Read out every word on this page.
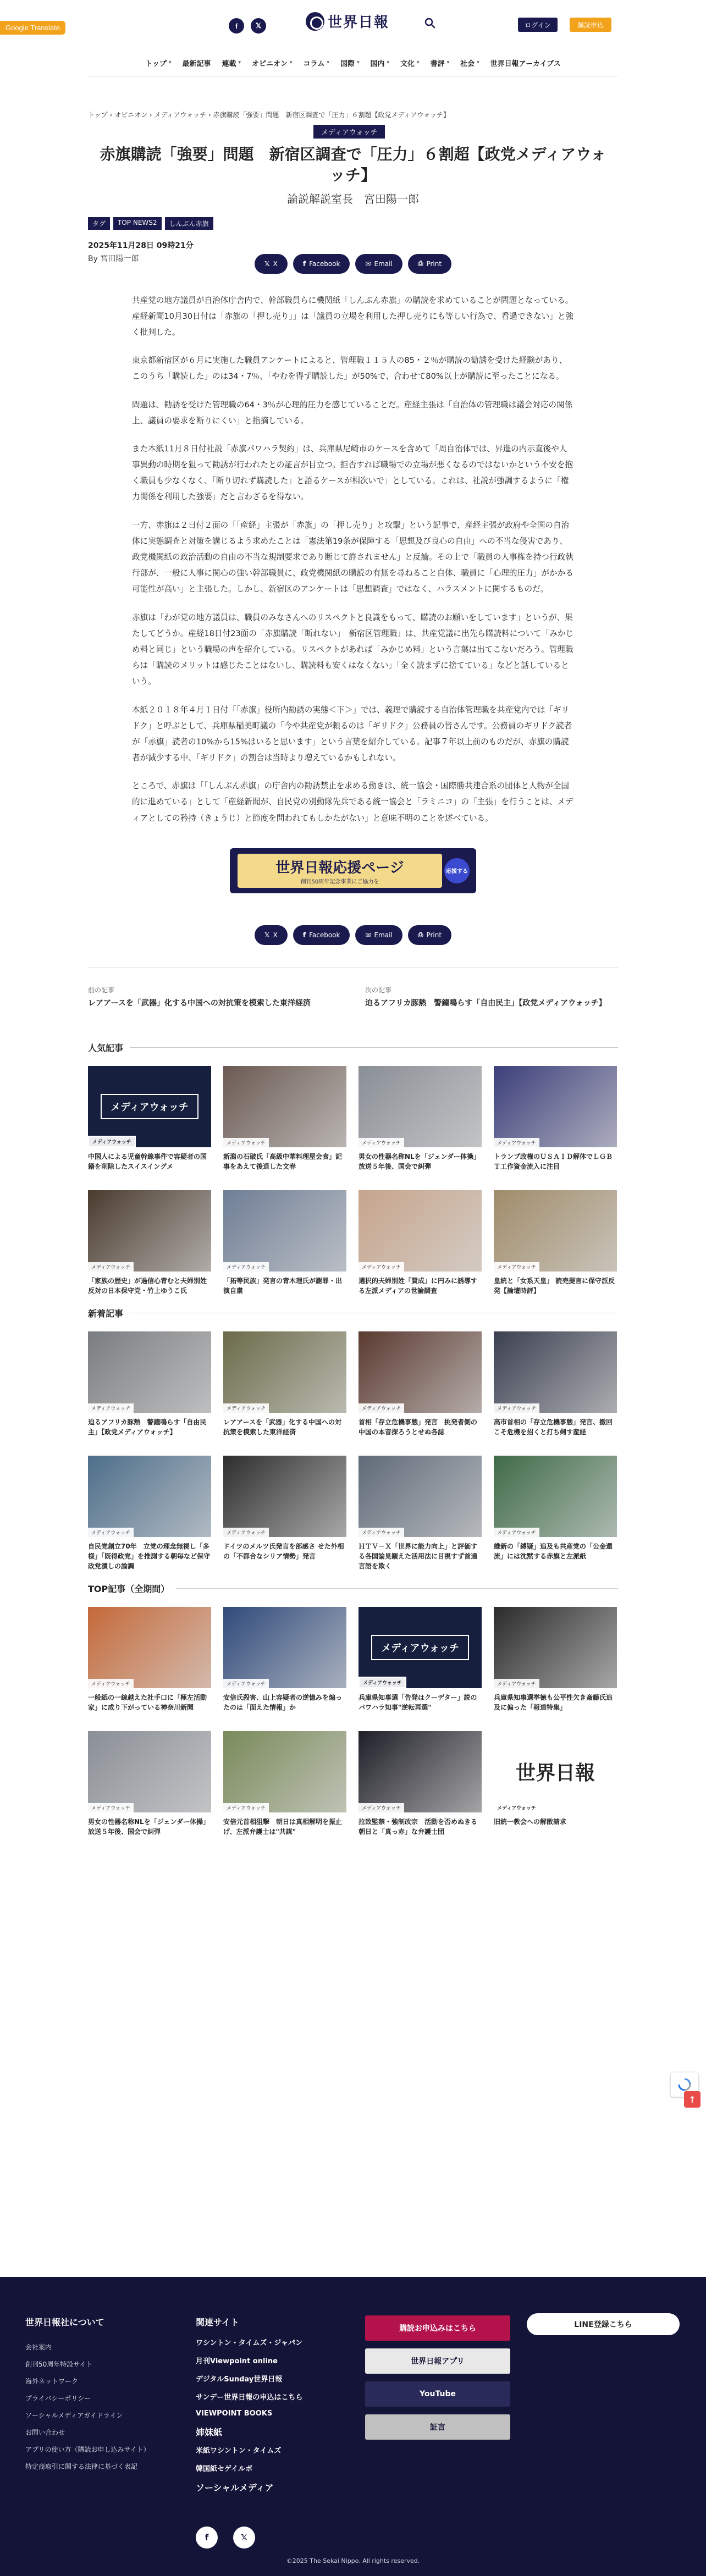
Google Translate	f	𝕏	世界日報	ログイン	購読申込
トップ ▾ 最新記事 連載 ▾ オピニオン ▾ コラム ▾ 国際 ▾ 国内 ▾ 文化 ▾ 書評 ▾ 社会 ▾ 世界日報アーカイブス
トップ › オピニオン › メディアウォッチ › 赤旗購読「強要」問題　新宿区調査で「圧力」６割超【政党メディアウォッチ】
メディアウォッチ
赤旗購読「強要」問題　新宿区調査で「圧力」６割超【政党メディアウォッチ】
論説解説室長　宮田陽一郎
タグ	TOP NEWS2	しんぶん赤旗
2025年11月28日 09時21分
By 宮田陽一郎
𝕏 X	f Facebook	✉ Email	⎙ Print

共産党の地方議員が自治体庁舎内で、幹部職員らに機関紙「しんぶん赤旗」の購読を求めていることが問題となっている。産経新聞10月30日付は「赤旗の「押し売り」」は「議員の立場を利用した押し売りにも等しい行為で、看過できない」と強く批判した。

東京都新宿区が６月に実施した職員アンケートによると、管理職１１５人の85・２％が購読の勧誘を受けた経験があり、このうち「購読した」のは34・7％、「やむを得ず購読した」が50%で、合わせて80%以上が購読に至ったことになる。

問題は、勧誘を受けた管理職の64・3％が心理的圧力を感じていることだ。産経主張は「自治体の管理職は議会対応の関係上、議員の要求を断りにくい」と指摘している。

また本紙11月８日付社説「赤旗パワハラ契約」は、兵庫県尼崎市のケースを含めて「周自治体では、昇進の内示直後や人事異動の時期を狙って勧誘が行われたとの証言が目立つ。拒否すれば職場での立場が悪くなるのではないかという不安を抱く職員も少なくなく、「断り切れず購読した」と語るケースが相次いで」としている。これは、社説が強調するように「権力関係を利用した強要」だと言わざるを得ない。

一方、赤旗は２日付２面の「「産経」主張が「赤旗」の「押し売り」と攻撃」という記事で、産経主張が政府や全国の自治体に実態調査と対策を講じるよう求めたことは「憲法第19条が保障する「思想及び良心の自由」への不当な侵害であり、政党機関紙の政治活動の自由の不当な規制要求であり断じて許されません」と反論。その上で「職員の人事権を持つ行政執行部が、一般に人事に関心の強い幹部職員に、政党機関紙の購読の有無を尋ねること自体、職員に「心理的圧力」がかかる可能性が高い」と主張した。しかし、新宿区のアンケートは「思想調査」ではなく、ハラスメントに関するものだ。

赤旗は「わが党の地方議員は、職員のみなさんへのリスペクトと良識をもって、購読のお願いをしています」というが、果たしてどうか。産経18日付23面の「赤旗購読「断れない」　新宿区管理職」は、共産党議に出先ら購読料について「みかじめ料と同じ」という職場の声を紹介している。リスペクトがあれば「みかじめ料」という言葉は出てこないだろう。管理職らは「購読のメリットは感じたことはないし、購読料も安くはなくない」「全く読まずに捨てている」などと話しているという。

本紙２０１８年４月１日付「「赤旗」役所内勧誘の実態＜下＞」では、義理で購読する自治体管理職を共産党内では「ギリドク」と呼ぶとして、兵庫県稲美町議の「今や共産党が頼るのは「ギリドク」公務員の皆さんです。公務員のギリドク読者が「赤旗」読者の10%から15%はいると思います」という言葉を紹介している。記事７年以上前のものだが、赤旗の購読者が減少する中、「ギリドク」の割合は当時より増えているかもしれない。

ところで、赤旗は「「しんぶん赤旗」の庁舎内の勧誘禁止を求める動きは、統一協会・国際勝共連合系の団体と人物が全国的に進めている」として「産経新聞が、自民党の別動隊先兵である統一協会と「ラミニコ」の「主張」を行うことは、メディアとしての矜持（きょうじ）と節度を問われてもしかたがない」と意味不明のことを述べている。

世界日報応援ページ
創刊50周年記念事業にご協力を
応援する
𝕏 X	f Facebook	✉ Email	⎙ Print
前の記事
レアアースを「武器」化する中国への対抗策を模索した東洋経済
次の記事
迫るアフリカ豚熱　警鐘鳴らす「自由民主」【政党メディアウォッチ】
人気記事
メディアウォッチ
メディアウォッチ
中国人による児童幹線事件で容疑者の国籍を削除したスイスイングメ
メディアウォッチ
新潟の石破氏「高級中華料理屋会食」記事をあえて後退した文春
メディアウォッチ
男女の性器名称NLを「ジェンダー体操」放送５年後、国会で糾弾
メディアウォッチ
トランプ政権のＵＳＡＩＤ解体でＬＧＢＴ工作資金流入に注目
メディアウォッチ
「家族の歴史」が過信心青むと夫婦別姓反対の日本保守党・竹上ゆうこ氏
メディアウォッチ
「拓等民族」発言の青木理氏が謝罪・出演自粛
メディアウォッチ
選択的夫婦別姓「賛成」に円みに誘導する左派メディアの世論調査
メディアウォッチ
皇統と「女系天皇」 読売提言に保守派反発【論壇時評】
新着記事
メディアウォッチ
迫るアフリカ豚熱　警鐘鳴らす「自由民主」【政党メディアウォッチ】
メディアウォッチ
レアアースを「武器」化する中国への対抗策を模索した東洋経済
メディアウォッチ
首相「存立危機事態」発言　挑発者側の中国の本音探ろうとせぬ各誌
メディアウォッチ
高市首相の「存立危機事態」発言、撤回こそ危機を招くと打ち剣す産経
メディアウォッチ
自民党創立70年　立党の理念無視し「多様」「既得政党」を推測する朝毎など保守政党潰しの論調
メディアウォッチ
ドイツのメルツ氏発言を部感さ せた外相の「不都合なシリア情勢」発言
メディアウォッチ
ＨＴＶ－Ｘ「世界に能力向上」と評価する各国論見観えた活用法に目視すず首通言語を欺く
メディアウォッチ
維新の「縛疑」追及も共産党の「公金還流」には沈黙する赤旗と左派紙
TOP記事（全期間）
メディアウォッチ
一般紙の一線越えた社手口に「極左活動家」に成り下がっている神奈川新聞
メディアウォッチ
安倍氏殺害、山上容疑者の逆憶みを煽ったのは「面えた情報」か
メディアウォッチ
メディアウォッチ
兵庫県知事選「告発はクーデター」説のパワハラ知事"逆転再選"
メディアウォッチ
兵庫県知事選挙徳も公平性欠き斎藤氏追及に偏った「報道特集」
メディアウォッチ
男女の性器名称NLを「ジェンダー体操」放送５年後、国会で糾弾
メディアウォッチ
安倍元首相狙撃　朝日は真相解明を振止げ、左派弁護士は"共謀"
メディアウォッチ
拉致監禁・強制改宗　活動を否めぬきる朝日と「真っ赤」な弁護士団
世界日報
メディアウォッチ
旧統一教会への解散請求
↑
世界日報社について
会社案内
創刊50周年特設サイト
海外ネットワーク
プライバシーポリシー
ソーシャルメディアガイドライン
お問い合わせ
アプリの使い方（購読お申し込みサイト）
特定商取引に関する法律に基づく表記
関連サイト
ワシントン・タイムズ・ジャパン
月刊Viewpoint online
デジタルSunday世界日報
サンデー世界日報の申込はこちら
VIEWPOINT BOOKS
姉妹紙
米紙ワシントン・タイムズ
韓国紙セゲイルボ
ソーシャルメディア
購読お申込みはこちら
世界日報アプリ
YouTube
証言
LINE登録こちら
f	𝕏
©2025 The Sekai Nippo. All rights reserved.
